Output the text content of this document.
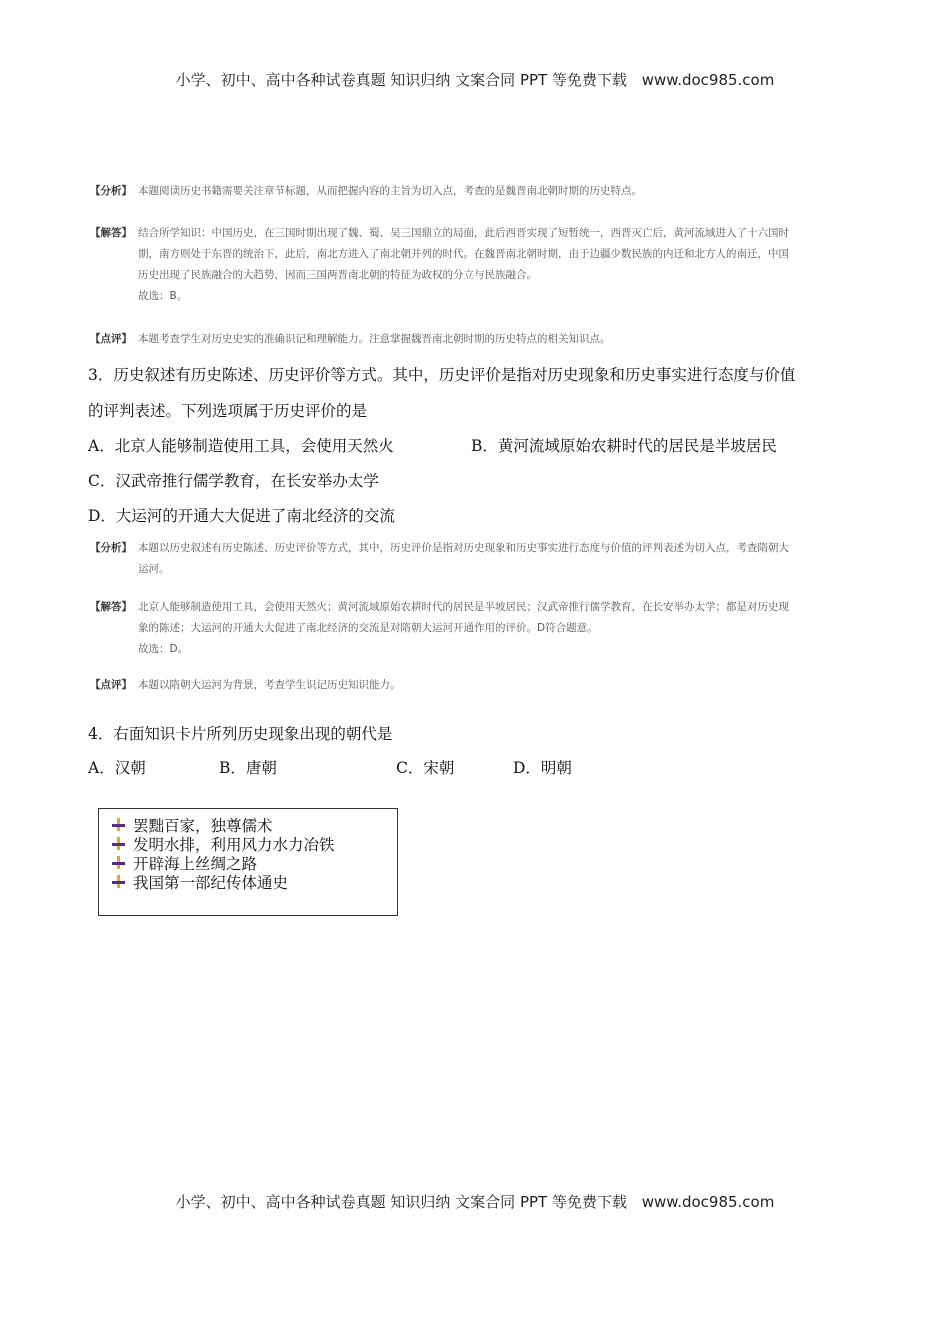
小学、初中、高中各种试卷真题 知识归纳 文案合同 PPT 等免费下载 www.doc985.com
【分析】 本题阅读历史书籍需要关注章节标题，从而把握内容的主旨为切入点，考查的是魏晋南北朝时期的历史特点。
【解答】 结合所学知识：中国历史，在三国时期出现了魏、蜀、吴三国鼎立的局面，此后西晋实现了短暂统一，西晋灭亡后，黄河流域进入了十六国时
期，南方则处于东晋的统治下，此后，南北方进入了南北朝并列的时代。在魏晋南北朝时期，由于边疆少数民族的内迁和北方人的南迁，中国
历史出现了民族融合的大趋势，因而三国两晋南北朝的特征为政权的分立与民族融合。
故选：B。
【点评】 本题考查学生对历史史实的准确识记和理解能力。注意掌握魏晋南北朝时期的历史特点的相关知识点。
3．历史叙述有历史陈述、历史评价等方式。其中，历史评价是指对历史现象和历史事实进行态度与价值
的评判表述。下列选项属于历史评价的是
A．北京人能够制造使用工具，会使用天然火	B．黄河流域原始农耕时代的居民是半坡居民
C．汉武帝推行儒学教育，在长安举办太学
D．大运河的开通大大促进了南北经济的交流
【分析】 本题以历史叙述有历史陈述、历史评价等方式，其中，历史评价是指对历史现象和历史事实进行态度与价值的评判表述为切入点，考查隋朝大
运河。
【解答】 北京人能够制造使用工具，会使用天然火；黄河流域原始农耕时代的居民是半坡居民；汉武帝推行儒学教育，在长安举办太学；都是对历史现
象的陈述；大运河的开通大大促进了南北经济的交流是对隋朝大运河开通作用的评价。D符合题意。
故选：D。
【点评】 本题以隋朝大运河为背景，考查学生识记历史知识能力。
4．右面知识卡片所列历史现象出现的朝代是
A．汉朝	B．唐朝	C．宋朝	D．明朝
罢黜百家，独尊儒术
发明水排，利用风力水力冶铁
开辟海上丝绸之路
我国第一部纪传体通史
小学、初中、高中各种试卷真题 知识归纳 文案合同 PPT 等免费下载 www.doc985.com
